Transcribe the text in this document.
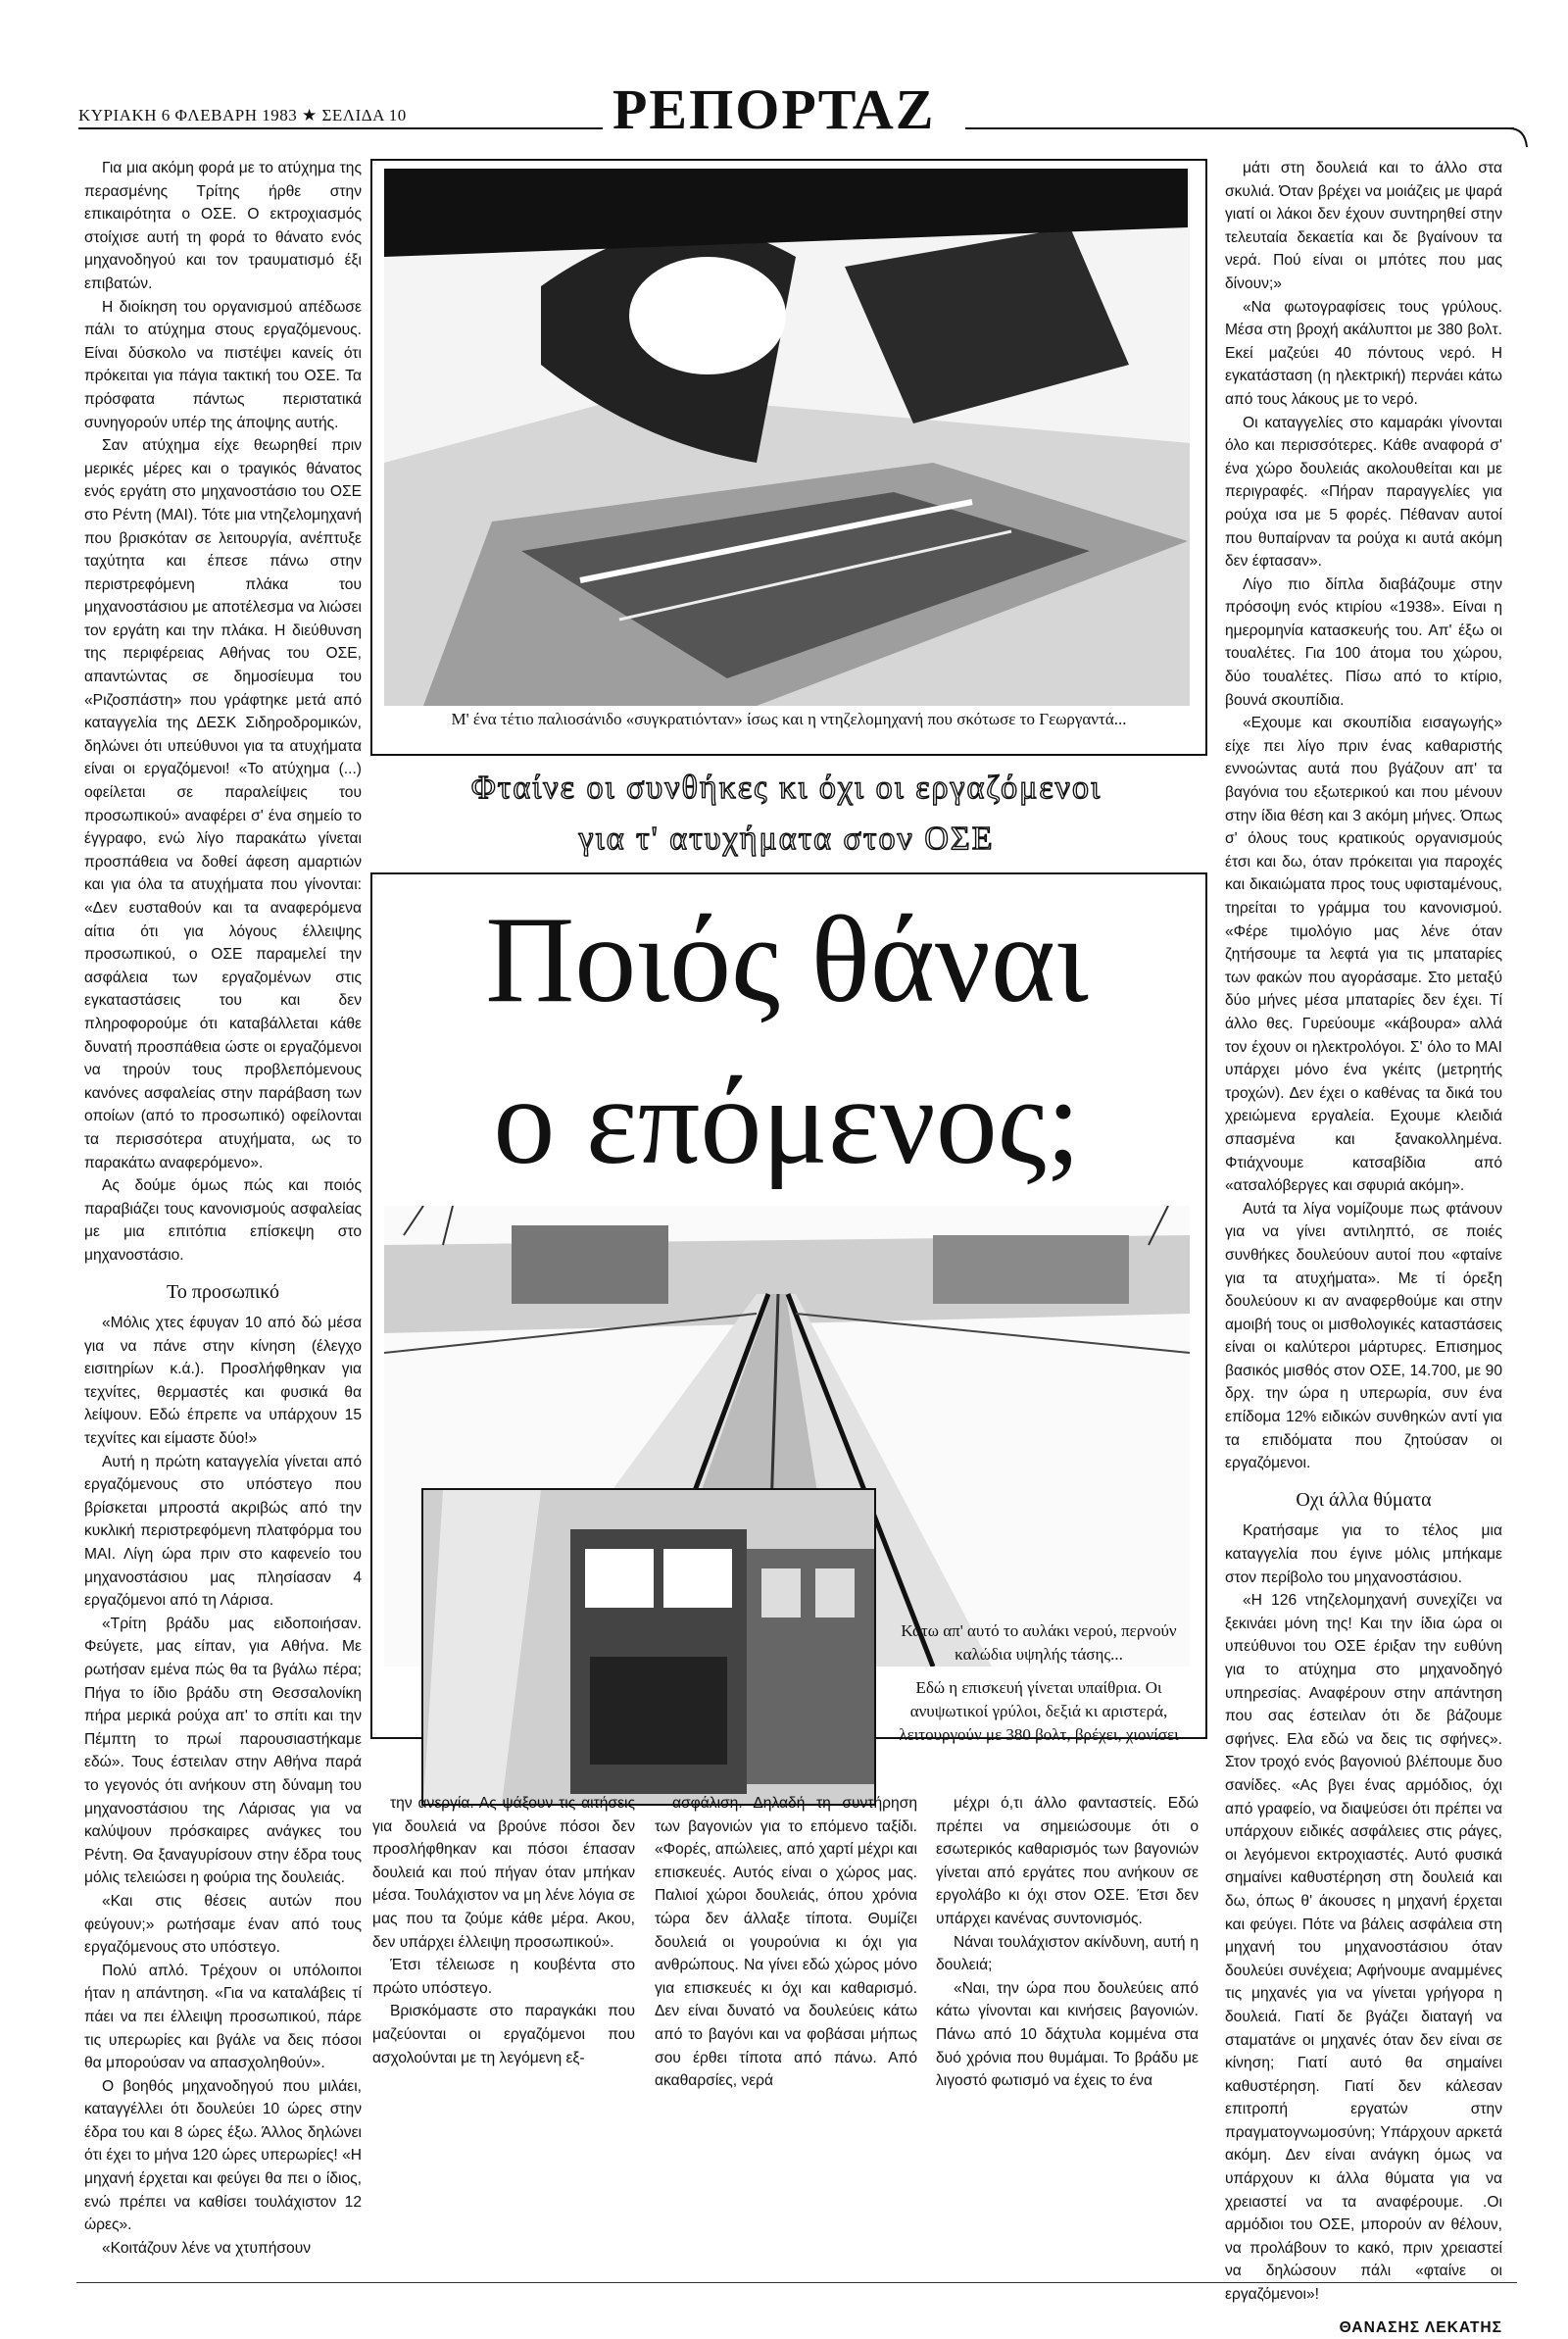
ΚΥΡΙΑΚΗ 6 ΦΛΕΒΑΡΗ 1983 ★ ΣΕΛΙΔΑ 10	ΡΕΠΟΡΤΑΖ

Για μια ακόμη φορά με το ατύχημα της περασμένης Τρίτης ήρθε στην επικαιρότητα ο ΟΣΕ. Ο εκτροχιασμός στοίχισε αυτή τη φορά το θάνατο ενός μηχανοδηγού και τον τραυματισμό έξι επιβατών.

Η διοίκηση του οργανισμού απέδωσε πάλι το ατύχημα στους εργαζόμενους. Είναι δύσκολο να πιστέψει κανείς ότι πρόκειται για πάγια τακτική του ΟΣΕ. Τα πρόσφατα πάντως περιστατικά συνηγορούν υπέρ της άποψης αυτής.

Σαν ατύχημα είχε θεωρηθεί πριν μερικές μέρες και ο τραγικός θάνατος ενός εργάτη στο μηχανοστάσιο του ΟΣΕ στο Ρέντη (ΜΑΙ). Τότε μια ντηζελομηχανή που βρισκόταν σε λειτουργία, ανέπτυξε ταχύτητα και έπεσε πάνω στην περιστρεφόμενη πλάκα του μηχανοστάσιου με αποτέλεσμα να λιώσει τον εργάτη και την πλάκα. Η διεύθυνση της περιφέρειας Αθήνας του ΟΣΕ, απαντώντας σε δημοσίευμα του «Ριζοσπάστη» που γράφτηκε μετά από καταγγελία της ΔΕΣΚ Σιδηροδρομικών, δηλώνει ότι υπεύθυνοι για τα ατυχήματα είναι οι εργαζόμενοι! «Το ατύχημα (...) οφείλεται σε παραλείψεις του προσωπικού» αναφέρει σ' ένα σημείο το έγγραφο, ενώ λίγο παρακάτω γίνεται προσπάθεια να δοθεί άφεση αμαρτιών και για όλα τα ατυχήματα που γίνονται: «Δεν ευσταθούν και τα αναφερόμενα αίτια ότι για λόγους έλλειψης προσωπικού, ο ΟΣΕ παραμελεί την ασφάλεια των εργαζομένων στις εγκαταστάσεις του και δεν πληροφορούμε ότι καταβάλλεται κάθε δυνατή προσπάθεια ώστε οι εργαζόμενοι να τηρούν τους προβλεπόμενους κανόνες ασφαλείας στην παράβαση των οποίων (από το προσωπικό) οφείλονται τα περισσότερα ατυχήματα, ως το παρακάτω αναφερόμενο».

Ας δούμε όμως πώς και ποιός παραβιάζει τους κανονισμούς ασφαλείας με μια επιτόπια επίσκεψη στο μηχανοστάσιο.

Το προσωπικό

«Μόλις χτες έφυγαν 10 από δώ μέσα για να πάνε στην κίνηση (έλεγχο εισιτηρίων κ.ά.). Προσλήφθηκαν για τεχνίτες, θερμαστές και φυσικά θα λείψουν. Εδώ έπρεπε να υπάρχουν 15 τεχνίτες και είμαστε δύο!»

Αυτή η πρώτη καταγγελία γίνεται από εργαζόμενους στο υπόστεγο που βρίσκεται μπροστά ακριβώς από την κυκλική περιστρεφόμενη πλατφόρμα του ΜΑΙ. Λίγη ώρα πριν στο καφενείο του μηχανοστάσιου μας πλησίασαν 4 εργαζόμενοι από τη Λάρισα.

«Τρίτη βράδυ μας ειδοποιήσαν. Φεύγετε, μας είπαν, για Αθήνα. Με ρωτήσαν εμένα πώς θα τα βγάλω πέρα; Πήγα το ίδιο βράδυ στη Θεσσαλονίκη πήρα μερικά ρούχα απ' το σπίτι και την Πέμπτη το πρωί παρουσιαστήκαμε εδώ». Τους έστειλαν στην Αθήνα παρά το γεγονός ότι ανήκουν στη δύναμη του μηχανοστάσιου της Λάρισας για να καλύψουν πρόσκαιρες ανάγκες του Ρέντη. Θα ξαναγυρίσουν στην έδρα τους μόλις τελειώσει η φούρια της δουλειάς.

«Και στις θέσεις αυτών που φεύγουν;» ρωτήσαμε έναν από τους εργαζόμενους στο υπόστεγο.

Πολύ απλό. Τρέχουν οι υπόλοιποι ήταν η απάντηση. «Για να καταλάβεις τί πάει να πει έλλειψη προσωπικού, πάρε τις υπερωρίες και βγάλε να δεις πόσοι θα μπορούσαν να απασχοληθούν».

Ο βοηθός μηχανοδηγού που μιλάει, καταγγέλλει ότι δουλεύει 10 ώρες στην έδρα του και 8 ώρες έξω. Άλλος δηλώνει ότι έχει το μήνα 120 ώρες υπερωρίες! «Η μηχανή έρχεται και φεύγει θα πει ο ίδιος, ενώ πρέπει να καθίσει τουλάχιστον 12 ώρες».

«Κοιτάζουν λένε να χτυπήσουν

Μ' ένα τέτιο παλιοσάνιδο «συγκρατιόνταν» ίσως και η ντηζελομηχανή που σκότωσε το Γεωργαντά...
Φταίνε οι συνθήκες κι όχι οι εργαζόμενοι
για τ' ατυχήματα στον ΟΣΕ
Ποιός θάναι
ο επόμενος;
Κάτω απ' αυτό το αυλάκι νερού, περνούν καλώδια υψηλής τάσης...
Εδώ η επισκευή γίνεται υπαίθρια. Οι ανυψωτικοί γρύλοι, δεξιά κι αριστερά, λειτουργούν με 380 βολτ, βρέχει, χιονίσει

την ανεργία. Ας ψάξουν τις αιτήσεις για δουλειά να βρούνε πόσοι δεν προσλήφθηκαν και πόσοι έπασαν δουλειά και πού πήγαν όταν μπήκαν μέσα. Τουλάχιστον να μη λένε λόγια σε μας που τα ζούμε κάθε μέρα. Ακου, δεν υπάρχει έλλειψη προσωπικού».

Έτσι τέλειωσε η κουβέντα στο πρώτο υπόστεγο.

Βρισκόμαστε στο παραγκάκι που μαζεύονται οι εργαζόμενοι που ασχολούνται με τη λεγόμενη εξ-

ασφάλιση. Δηλαδή τη συντήρηση των βαγονιών για το επόμενο ταξίδι. «Φορές, απώλειες, από χαρτί μέχρι και επισκευές. Αυτός είναι ο χώρος μας. Παλιοί χώροι δουλειάς, όπου χρόνια τώρα δεν άλλαξε τίποτα. Θυμίζει δουλειά οι γουρούνια κι όχι για ανθρώπους. Να γίνει εδώ χώρος μόνο για επισκευές κι όχι και καθαρισμό. Δεν είναι δυνατό να δουλεύεις κάτω από το βαγόνι και να φοβάσαι μήπως σου έρθει τίποτα από πάνω. Από ακαθαρσίες, νερά

μέχρι ό,τι άλλο φανταστείς. Εδώ πρέπει να σημειώσουμε ότι ο εσωτερικός καθαρισμός των βαγονιών γίνεται από εργάτες που ανήκουν σε εργολάβο κι όχι στον ΟΣΕ. Έτσι δεν υπάρχει κανένας συντονισμός.

Νάναι τουλάχιστον ακίνδυνη, αυτή η δουλειά;

«Ναι, την ώρα που δουλεύεις από κάτω γίνονται και κινήσεις βαγονιών. Πάνω από 10 δάχτυλα κομμένα στα δυό χρόνια που θυμάμαι. Το βράδυ με λιγοστό φωτισμό να έχεις το ένα

μάτι στη δουλειά και το άλλο στα σκυλιά. Όταν βρέχει να μοιάζεις με ψαρά γιατί οι λάκοι δεν έχουν συντηρηθεί στην τελευταία δεκαετία και δε βγαίνουν τα νερά. Πού είναι οι μπότες που μας δίνουν;»

«Να φωτογραφίσεις τους γρύλους. Μέσα στη βροχή ακάλυπτοι με 380 βολτ. Εκεί μαζεύει 40 πόντους νερό. Η εγκατάσταση (η ηλεκτρική) περνάει κάτω από τους λάκους με το νερό.

Οι καταγγελίες στο καμαράκι γίνονται όλο και περισσότερες. Κάθε αναφορά σ' ένα χώρο δουλειάς ακολουθείται και με περιγραφές. «Πήραν παραγγελίες για ρούχα ισα με 5 φορές. Πέθαναν αυτοί που θυπαίρναν τα ρούχα κι αυτά ακόμη δεν έφτασαν».

Λίγο πιο δίπλα διαβάζουμε στην πρόσοψη ενός κτιρίου «1938». Είναι η ημερομηνία κατασκευής του. Απ' έξω οι τουαλέτες. Για 100 άτομα του χώρου, δύο τουαλέτες. Πίσω από το κτίριο, βουνά σκουπίδια.

«Εχουμε και σκουπίδια εισαγωγής» είχε πει λίγο πριν ένας καθαριστής εννοώντας αυτά που βγάζουν απ' τα βαγόνια του εξωτερικού και που μένουν στην ίδια θέση και 3 ακόμη μήνες. Όπως σ' όλους τους κρατικούς οργανισμούς έτσι και δω, όταν πρόκειται για παροχές και δικαιώματα προς τους υφισταμένους, τηρείται το γράμμα του κανονισμού. «Φέρε τιμολόγιο μας λένε όταν ζητήσουμε τα λεφτά για τις μπαταρίες των φακών που αγοράσαμε. Στο μεταξύ δύο μήνες μέσα μπαταρίες δεν έχει. Τί άλλο θες. Γυρεύουμε «κάβουρα» αλλά τον έχουν οι ηλεκτρολόγοι. Σ' όλο το ΜΑΙ υπάρχει μόνο ένα γκέιτς (μετρητής τροχών). Δεν έχει ο καθένας τα δικά του χρειώμενα εργαλεία. Εχουμε κλειδιά σπασμένα και ξανακολλημένα. Φτιάχνουμε κατσαβίδια από «ατσαλόβεργες και σφυριά ακόμη».

Αυτά τα λίγα νομίζουμε πως φτάνουν για να γίνει αντιληπτό, σε ποιές συνθήκες δουλεύουν αυτοί που «φταίνε για τα ατυχήματα». Με τί όρεξη δουλεύουν κι αν αναφερθούμε και στην αμοιβή τους οι μισθολογικές καταστάσεις είναι οι καλύτεροι μάρτυρες. Επισημος βασικός μισθός στον ΟΣΕ, 14.700, με 90 δρχ. την ώρα η υπερωρία, συν ένα επίδομα 12% ειδικών συνθηκών αντί για τα επιδόματα που ζητούσαν οι εργαζόμενοι.

Οχι άλλα θύματα

Κρατήσαμε για το τέλος μια καταγγελία που έγινε μόλις μπήκαμε στον περίβολο του μηχανοστάσιου.

«Η 126 ντηζελομηχανή συνεχίζει να ξεκινάει μόνη της! Και την ίδια ώρα οι υπεύθυνοι του ΟΣΕ έριξαν την ευθύνη για το ατύχημα στο μηχανοδηγό υπηρεσίας. Αναφέρουν στην απάντηση που σας έστειλαν ότι δε βάζουμε σφήνες. Ελα εδώ να δεις τις σφήνες». Στον τροχό ενός βαγονιού βλέπουμε δυο σανίδες. «Ας βγει ένας αρμόδιος, όχι από γραφείο, να διαψεύσει ότι πρέπει να υπάρχουν ειδικές ασφάλειες στις ράγες, οι λεγόμενοι εκτροχιαστές. Αυτό φυσικά σημαίνει καθυστέρηση στη δουλειά και δω, όπως θ' άκουσες η μηχανή έρχεται και φεύγει. Πότε να βάλεις ασφάλεια στη μηχανή του μηχανοστάσιου όταν δουλεύει συνέχεια; Αφήνουμε αναμμένες τις μηχανές για να γίνεται γρήγορα η δουλειά. Γιατί δε βγάζει διαταγή να σταματάνε οι μηχανές όταν δεν είναι σε κίνηση; Γιατί αυτό θα σημαίνει καθυστέρηση. Γιατί δεν κάλεσαν επιτροπή εργατών στην πραγματογνωμοσύνη; Υπάρχουν αρκετά ακόμη. Δεν είναι ανάγκη όμως να υπάρχουν κι άλλα θύματα για να χρειαστεί να τα αναφέρουμε. .Οι αρμόδιοι του ΟΣΕ, μπορούν αν θέλουν, να προλάβουν το κακό, πριν χρειαστεί να δηλώσουν πάλι «φταίνε οι εργαζόμενοι»!

ΘΑΝΑΣΗΣ ΛΕΚΑΤΗΣ
